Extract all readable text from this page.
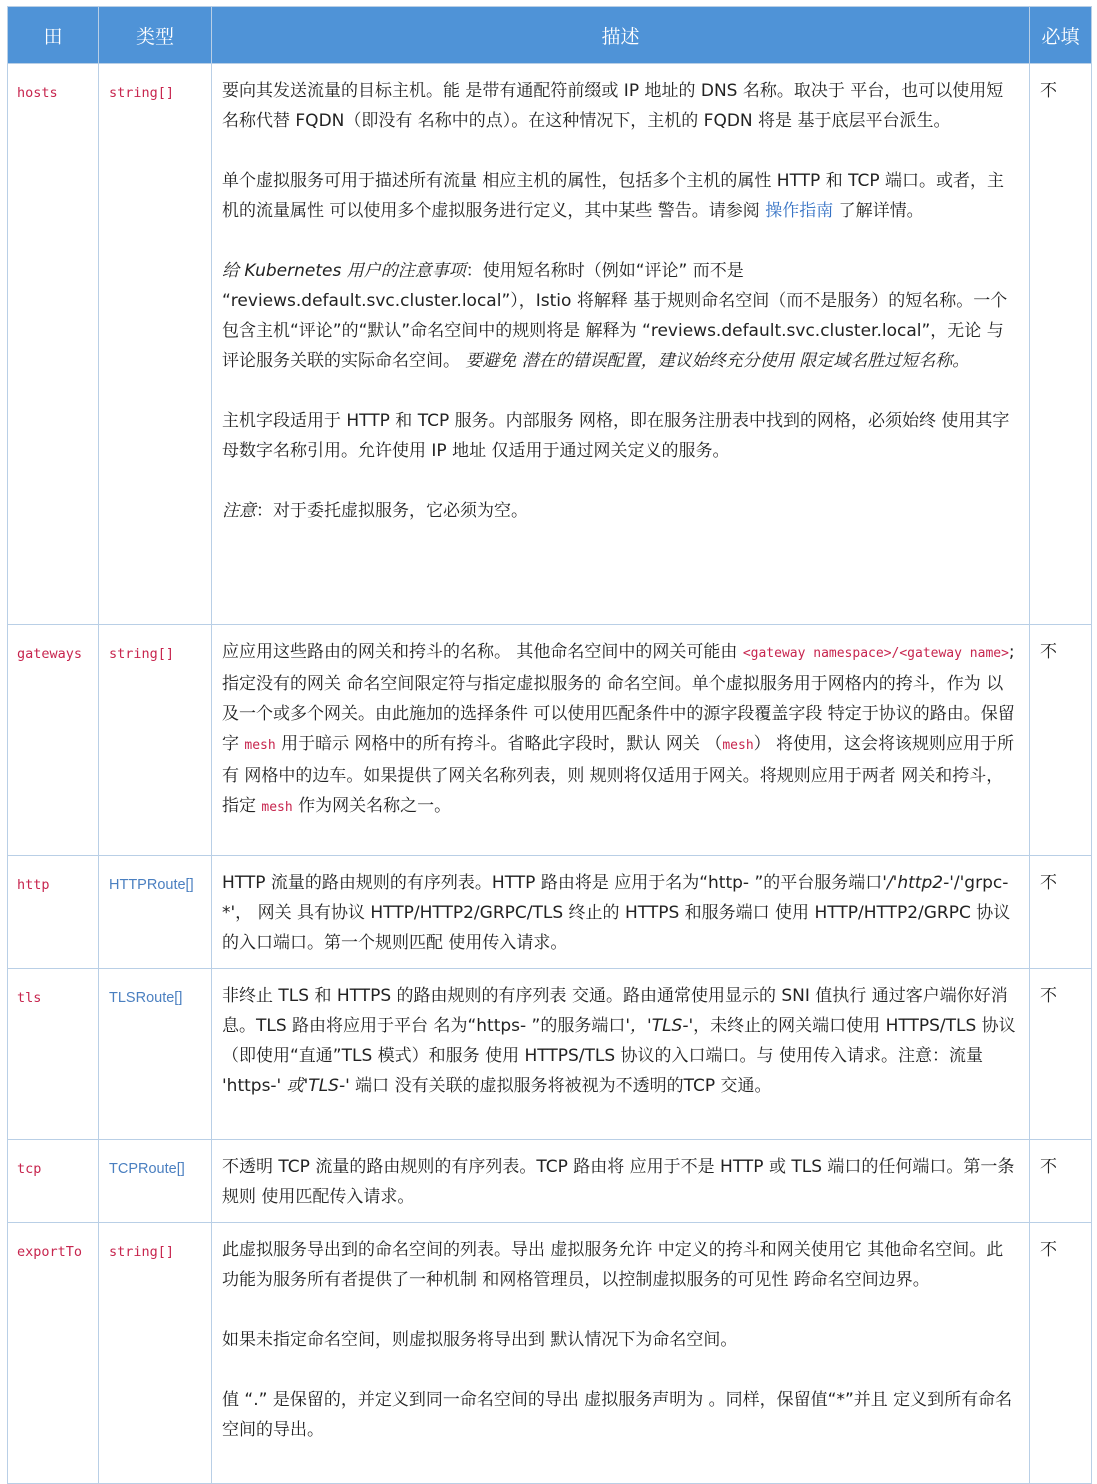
田	类型	描述	必填
hosts	string[]	要向其发送流量的目标主机。能 是带有通配符前缀或 IP 地址的 DNS 名称。取决于 平台，也可以使用短名称代替 FQDN（即没有 名称中的点）。在这种情况下，主机的 FQDN 将是 基于底层平台派生。

单个虚拟服务可用于描述所有流量 相应主机的属性，包括多个主机的属性 HTTP 和 TCP 端口。或者，主机的流量属性 可以使用多个虚拟服务进行定义，其中某些 警告。请参阅 操作指南 了解详情。

给 Kubernetes 用户的注意事项：使用短名称时（例如“评论” 而不是 “reviews.default.svc.cluster.local”），Istio 将解释 基于规则命名空间（而不是服务）的短名称。一个 包含主机“评论”的“默认”命名空间中的规则将是 解释为 “reviews.default.svc.cluster.local”，无论 与评论服务关联的实际命名空间。 要避免 潜在的错误配置，建议始终充分使用 限定域名胜过短名称。

主机字段适用于 HTTP 和 TCP 服务。内部服务 网格，即在服务注册表中找到的网格，必须始终 使用其字母数字名称引用。允许使用 IP 地址 仅适用于通过网关定义的服务。

注意：对于委托虚拟服务，它必须为空。	不
gateways	string[]	应应用这些路由的网关和挎斗的名称。 其他命名空间中的网关可能由 <gateway namespace>/<gateway name>;指定没有的网关 命名空间限定符与指定虚拟服务的 命名空间。单个虚拟服务用于网格内的挎斗，作为 以及一个或多个网关。由此施加的选择条件 可以使用匹配条件中的源字段覆盖字段 特定于协议的路由。保留字 mesh 用于暗示 网格中的所有挎斗。省略此字段时，默认 网关 （mesh） 将使用，这会将该规则应用于所有 网格中的边车。如果提供了网关名称列表，则 规则将仅适用于网关。将规则应用于两者 网关和挎斗，指定 mesh 作为网关名称之一。	不
http	HTTPRoute[]	HTTP 流量的路由规则的有序列表。HTTP 路由将是 应用于名为“http- ”的平台服务端口'/'http2-'/'grpc-*'， 网关 具有协议 HTTP/HTTP2/GRPC/TLS 终止的 HTTPS 和服务端口 使用 HTTP/HTTP2/GRPC 协议的入口端口。第一个规则匹配 使用传入请求。	不
tls	TLSRoute[]	非终止 TLS 和 HTTPS 的路由规则的有序列表 交通。路由通常使用显示的 SNI 值执行 通过客户端你好消息。TLS 路由将应用于平台 名为“https- ”的服务端口'，'TLS-'，未终止的网关端口使用 HTTPS/TLS 协议（即使用“直通”TLS 模式）和服务 使用 HTTPS/TLS 协议的入口端口。与 使用传入请求。注意：流量 'https-' 或'TLS-' 端口 没有关联的虚拟服务将被视为不透明的TCP 交通。	不
tcp	TCPRoute[]	不透明 TCP 流量的路由规则的有序列表。TCP 路由将 应用于不是 HTTP 或 TLS 端口的任何端口。第一条规则 使用匹配传入请求。	不
exportTo	string[]	此虚拟服务导出到的命名空间的列表。导出 虚拟服务允许 中定义的挎斗和网关使用它 其他命名空间。此功能为服务所有者提供了一种机制 和网格管理员，以控制虚拟服务的可见性 跨命名空间边界。

如果未指定命名空间，则虚拟服务将导出到 默认情况下为命名空间。

值 “.” 是保留的，并定义到同一命名空间的导出 虚拟服务声明为 。同样，保留值“*”并且 定义到所有命名空间的导出。	不
